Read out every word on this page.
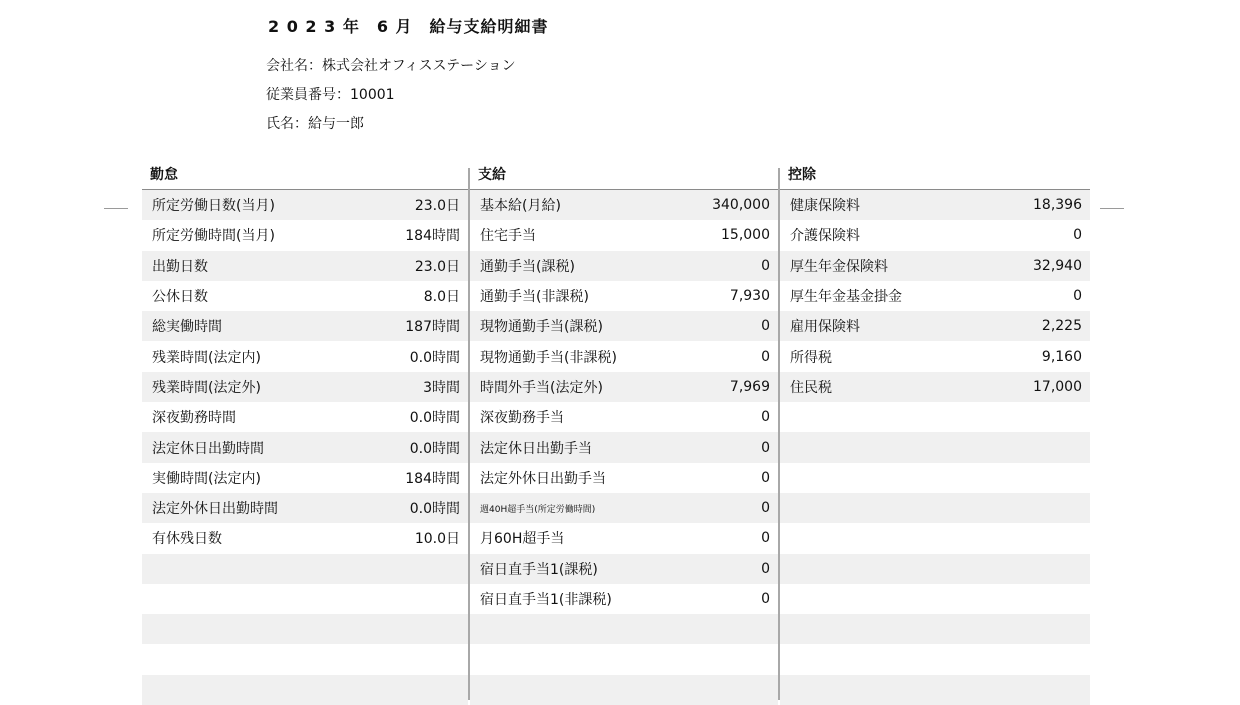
2 0 2 3 年　6 月　給与支給明細書
会社名：株式会社オフィスステーション
従業員番号：10001
氏名：給与一郎
勤怠
所定労働日数(当月)	23.0日
所定労働時間(当月)	184時間
出勤日数	23.0日
公休日数	8.0日
総実働時間	187時間
残業時間(法定内)	0.0時間
残業時間(法定外)	3時間
深夜勤務時間	0.0時間
法定休日出勤時間	0.0時間
実働時間(法定内)	184時間
法定外休日出勤時間	0.0時間
有休残日数	10.0日
支給
基本給(月給)	340,000
住宅手当	15,000
通勤手当(課税)	0
通勤手当(非課税)	7,930
現物通勤手当(課税)	0
現物通勤手当(非課税)	0
時間外手当(法定外)	7,969
深夜勤務手当	0
法定休日出勤手当	0
法定外休日出勤手当	0
週40H超手当(所定労働時間)	0
月60H超手当	0
宿日直手当1(課税)	0
宿日直手当1(非課税)	0
控除
健康保険料	18,396
介護保険料	0
厚生年金保険料	32,940
厚生年金基金掛金	0
雇用保険料	2,225
所得税	9,160
住民税	17,000
